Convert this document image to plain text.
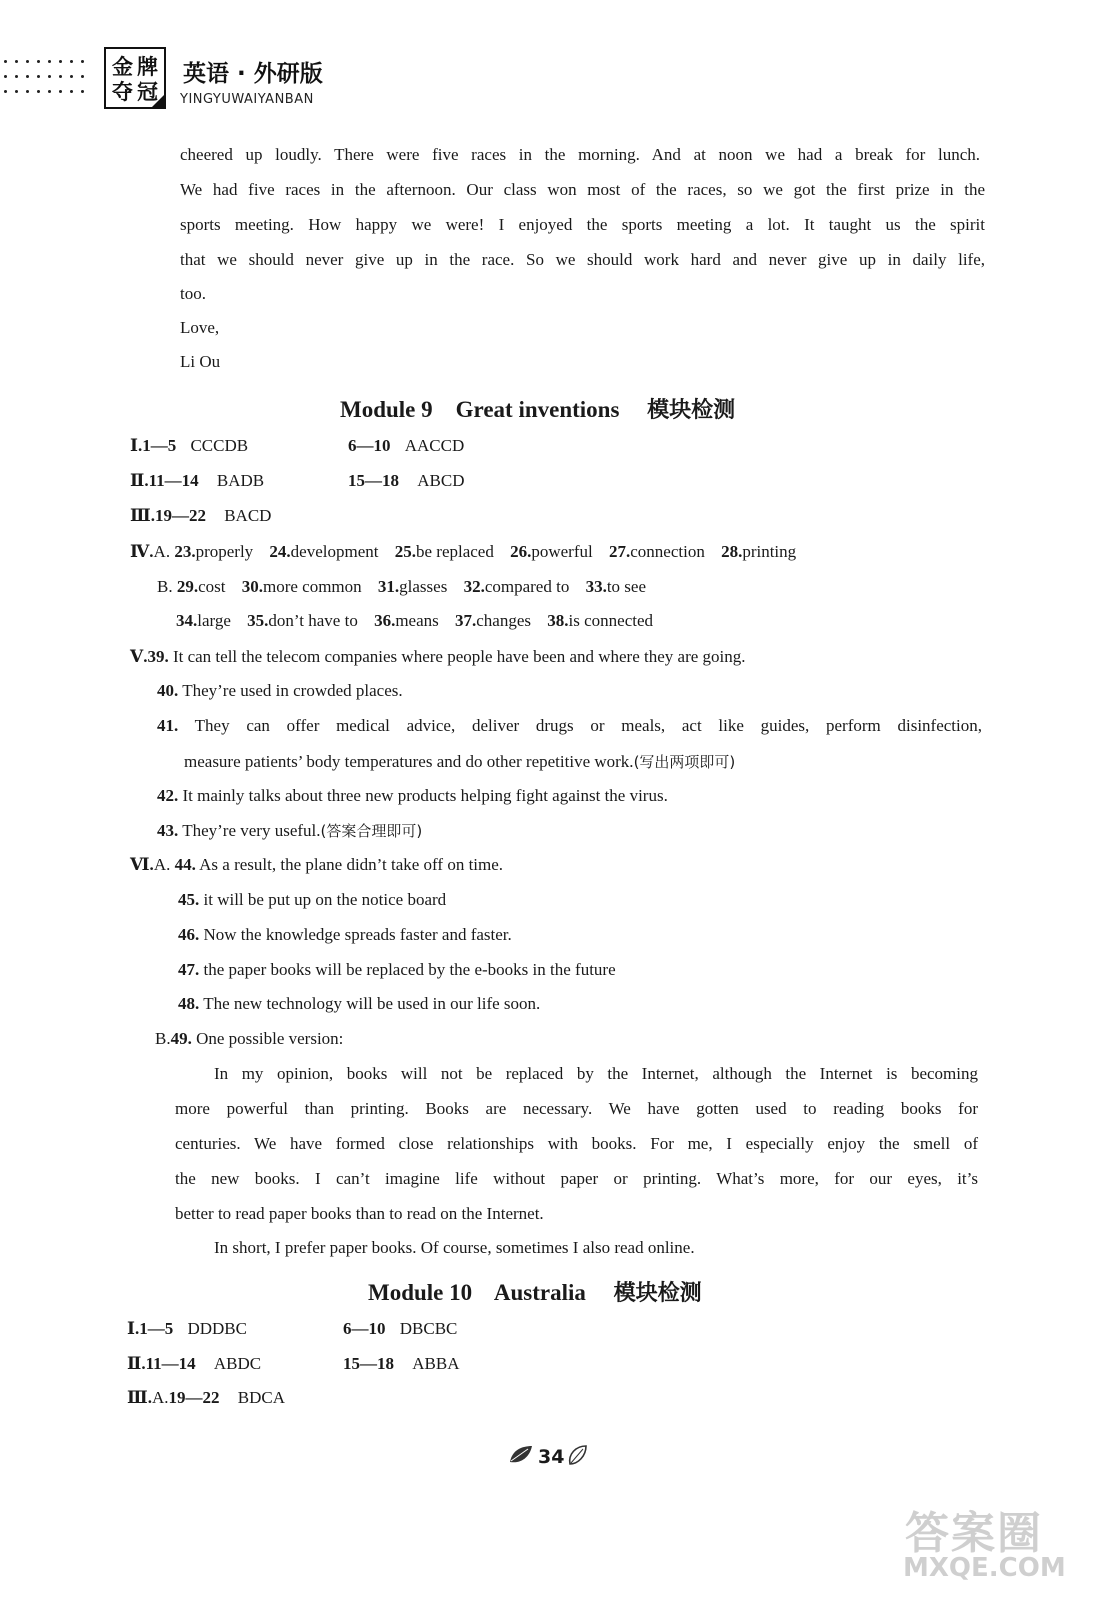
金 牌
夺 冠
英语 · 外研版
YINGYUWAIYANBAN
cheered up loudly. There were five races in the morning. And at noon we had a break for lunch.
We had five races in the afternoon. Our class won most of the races, so we got the first prize in the
sports meeting. How happy we were! I enjoyed the sports meeting a lot. It taught us the spirit
that we should never give up in the race. So we should work hard and never give up in daily life,
too.
Love,
Li Ou
Module 9    Great inventions 模块检测
Ⅰ.1—5 CCCDB	6—10 AACCD
Ⅱ.11—14 BADB	15—18 ABCD
Ⅲ.19—22 BACD
Ⅳ.A. 23.properly 24.development 25.be replaced 26.powerful 27.connection 28.printing
B. 29.cost 30.more common 31.glasses 32.compared to 33.to see
34.large 35.don’t have to 36.means 37.changes 38.is connected
Ⅴ.39. It can tell the telecom companies where people have been and where they are going.
40. They’re used in crowded places.
41. They can offer medical advice, deliver drugs or meals, act like guides, perform disinfection,
measure patients’ body temperatures and do other repetitive work.(写出两项即可)
42. It mainly talks about three new products helping fight against the virus.
43. They’re very useful.(答案合理即可)
Ⅵ.A. 44. As a result, the plane didn’t take off on time.
45. it will be put up on the notice board
46. Now the knowledge spreads faster and faster.
47. the paper books will be replaced by the e-books in the future
48. The new technology will be used in our life soon.
B.49. One possible version:
In my opinion, books will not be replaced by the Internet, although the Internet is becoming
more powerful than printing. Books are necessary. We have gotten used to reading books for
centuries. We have formed close relationships with books. For me, I especially enjoy the smell of
the new books. I can’t imagine life without paper or printing. What’s more, for our eyes, it’s
better to read paper books than to read on the Internet.
In short, I prefer paper books. Of course, sometimes I also read online.
Module 10    Australia 模块检测
Ⅰ.1—5 DDDBC	6—10 DBCBC
Ⅱ.11—14 ABDC	15—18 ABBA
Ⅲ.A.19—22 BDCA
34
答案圈
MXQE.COM
